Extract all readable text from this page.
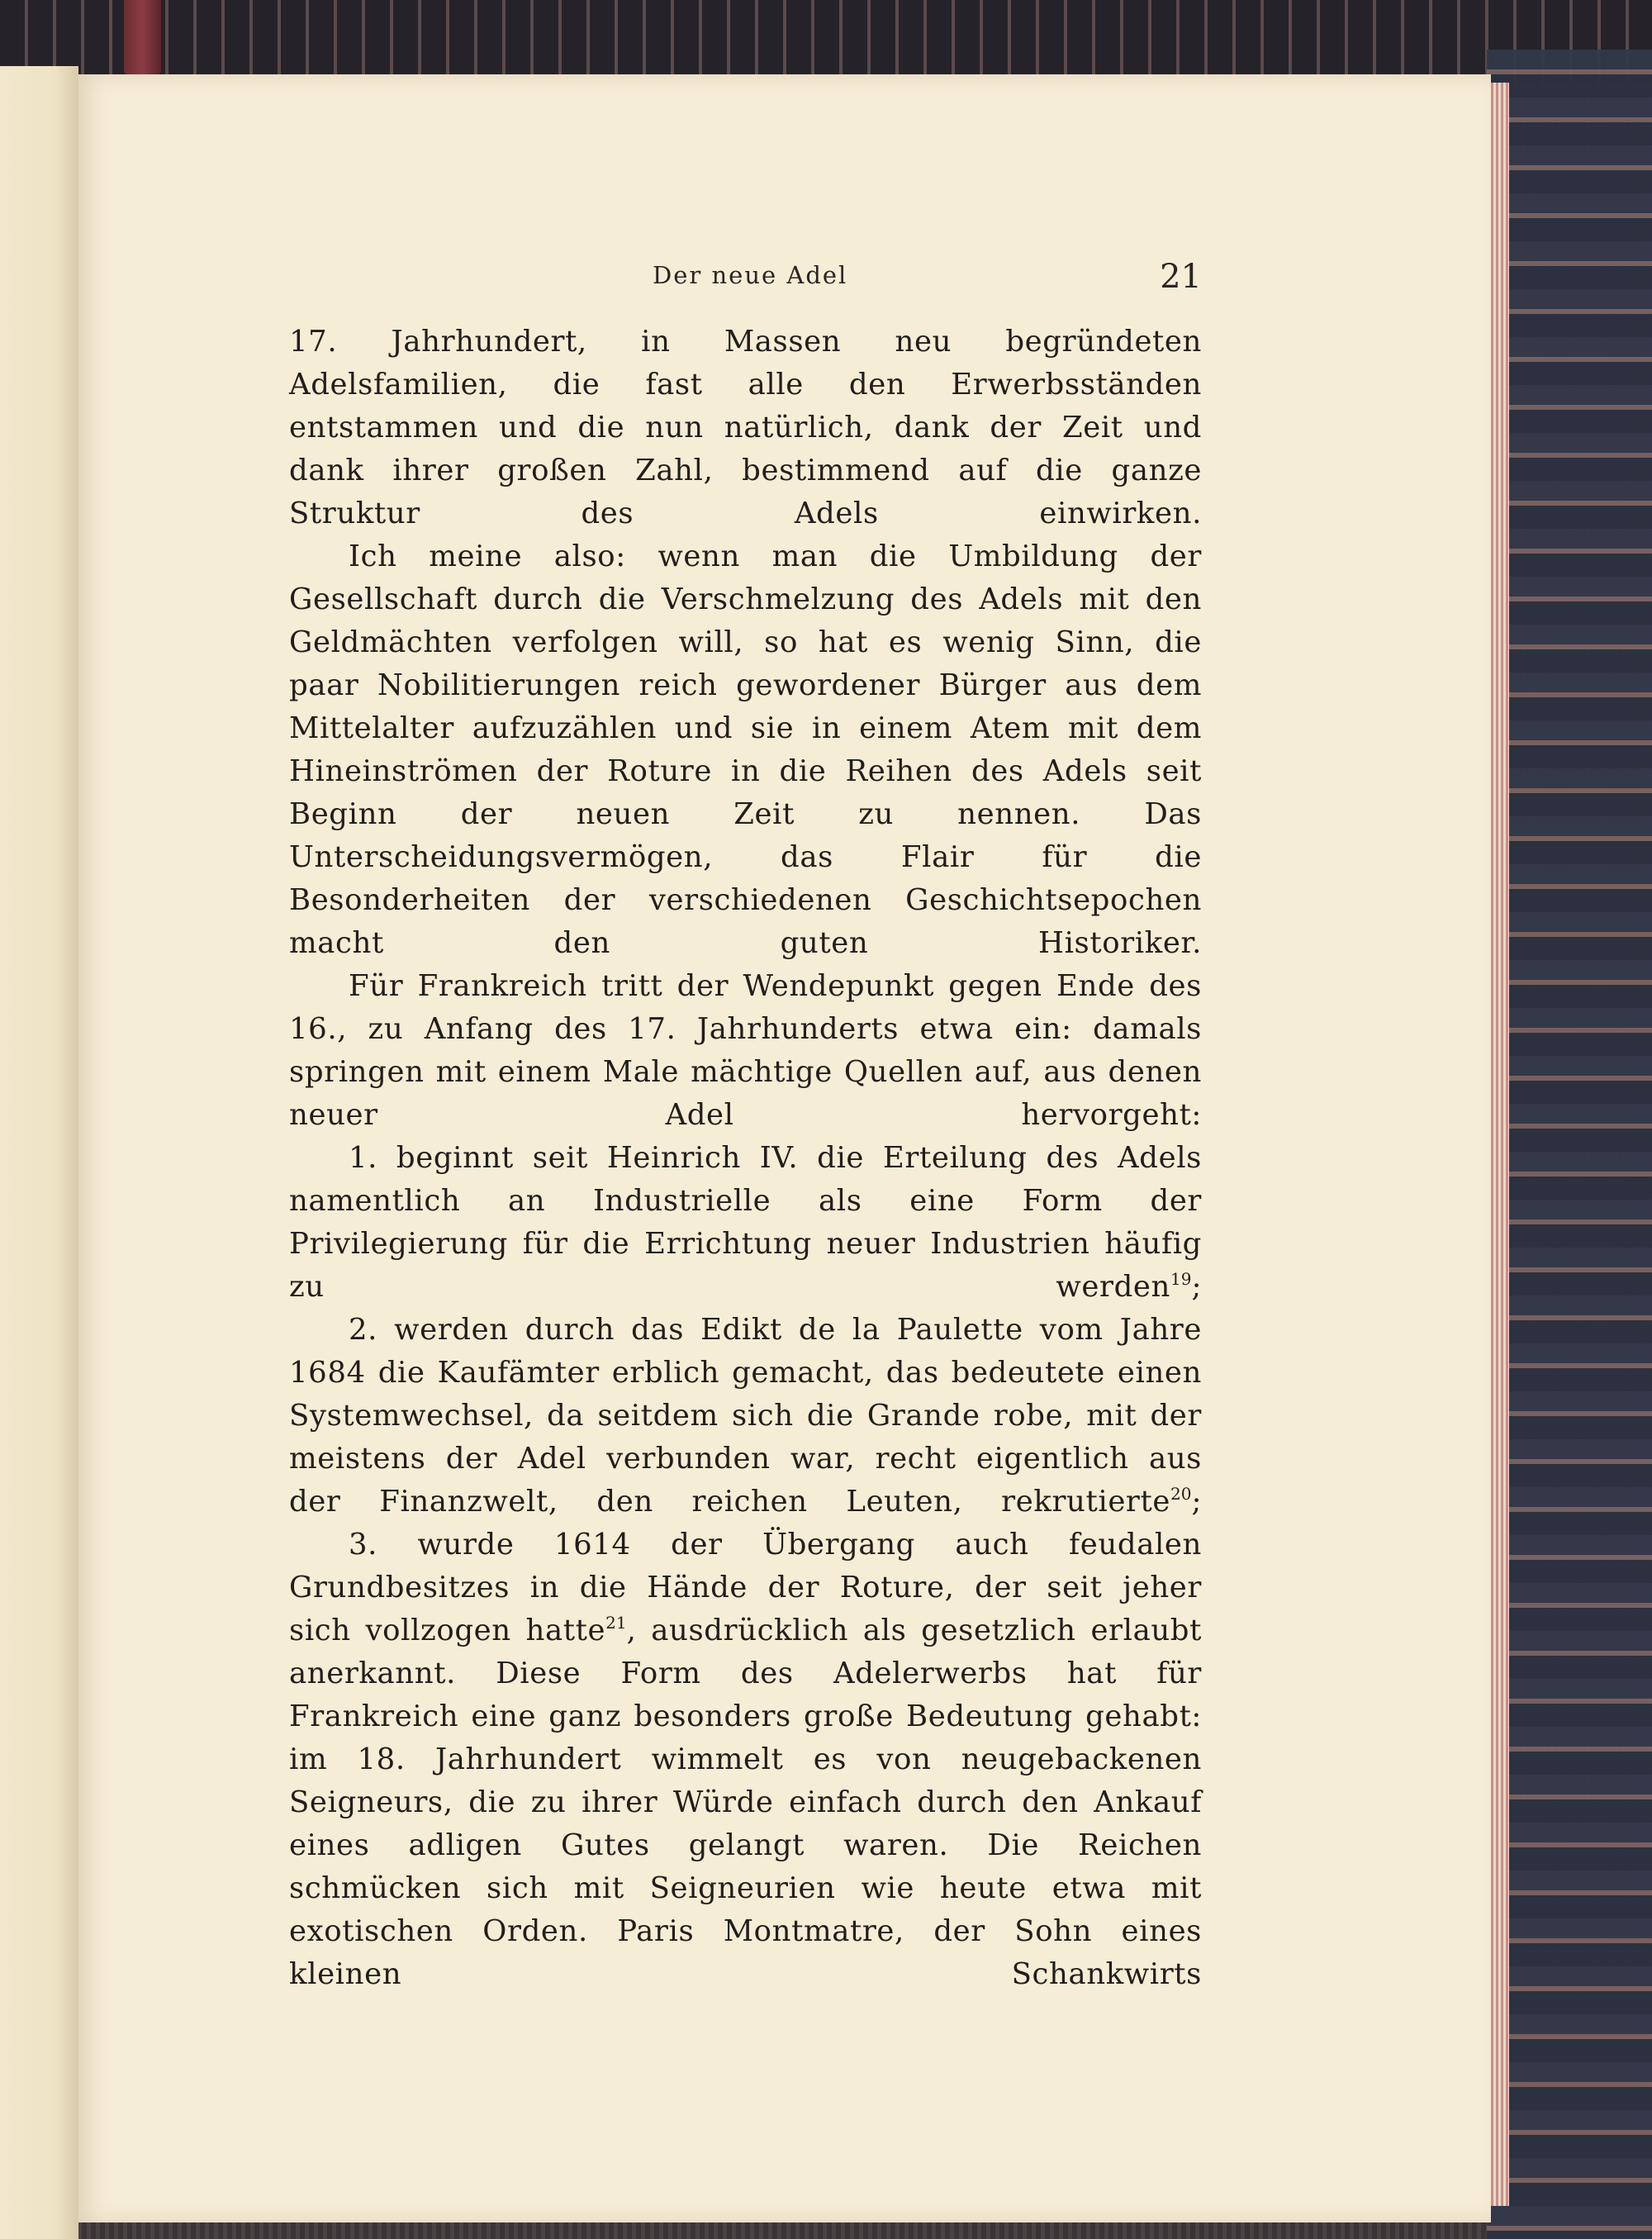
Der neue Adel	21

17. Jahrhundert, in Massen neu begründeten Adelsfamilien, die fast alle den Erwerbsständen entstammen und die nun natürlich, dank der Zeit und dank ihrer großen Zahl, bestimmend auf die ganze Struktur des Adels einwirken.

Ich meine also: wenn man die Umbildung der Gesellschaft durch die Verschmelzung des Adels mit den Geldmächten verfolgen will, so hat es wenig Sinn, die paar Nobilitierungen reich gewordener Bürger aus dem Mittelalter aufzuzählen und sie in einem Atem mit dem Hineinströmen der Roture in die Reihen des Adels seit Beginn der neuen Zeit zu nennen. Das Unterscheidungsvermögen, das Flair für die Besonderheiten der verschiedenen Geschichtsepochen macht den guten Historiker.

Für Frankreich tritt der Wendepunkt gegen Ende des 16., zu Anfang des 17. Jahrhunderts etwa ein: damals springen mit einem Male mächtige Quellen auf, aus denen neuer Adel hervorgeht:

1. beginnt seit Heinrich IV. die Erteilung des Adels namentlich an Industrielle als eine Form der Privilegierung für die Errichtung neuer Industrien häufig zu werden$^{19}$;

2. werden durch das Edikt de la Paulette vom Jahre 1684 die Kaufämter erblich gemacht, das bedeutete einen Systemwechsel, da seitdem sich die Grande robe, mit der meistens der Adel verbunden war, recht eigentlich aus der Finanzwelt, den reichen Leuten, rekrutierte$^{20}$;

3. wurde 1614 der Übergang auch feudalen Grundbesitzes in die Hände der Roture, der seit jeher sich vollzogen hatte$^{21}$, ausdrücklich als gesetzlich erlaubt anerkannt. Diese Form des Adelerwerbs hat für Frankreich eine ganz besonders große Bedeutung gehabt: im 18. Jahrhundert wimmelt es von neugebackenen Seigneurs, die zu ihrer Würde einfach durch den Ankauf eines adligen Gutes gelangt waren. Die Reichen schmücken sich mit Seigneurien wie heute etwa mit exotischen Orden. Paris Montmatre, der Sohn eines kleinen Schankwirts
